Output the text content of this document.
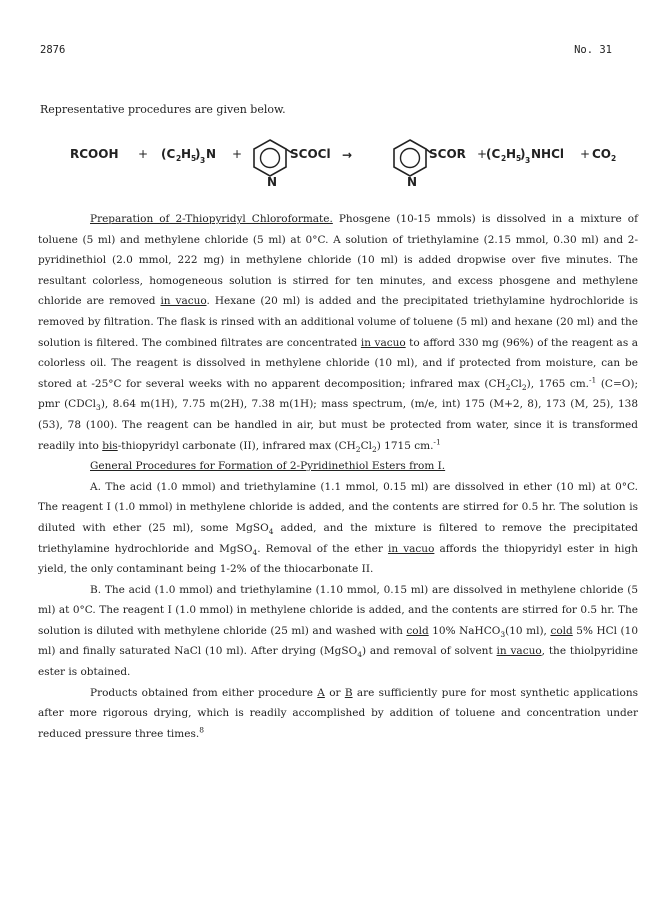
2876	No. 31
Representative procedures are given below.
RCOOH + (C 2 H 5
) 3 N +
N
SCOCl →
N
SCOR +
(C 2 H 5
) 3 NHCl + CO 2

Preparation of 2-Thiopyridyl Chloroformate. Phosgene (10-15 mmols) is dissolved in a mixture of toluene (5 ml) and methylene chloride (5 ml) at 0°C. A solution of triethylamine (2.15 mmol, 0.30 ml) and 2-pyridinethiol (2.0 mmol, 222 mg) in methylene chloride (10 ml) is added dropwise over five minutes. The resultant colorless, homogeneous solution is stirred for ten minutes, and excess phosgene and methylene chloride are removed in vacuo. Hexane (20 ml) is added and the precipitated triethylamine hydrochloride is removed by filtration. The flask is rinsed with an additional volume of toluene (5 ml) and hexane (20 ml) and the solution is filtered. The combined filtrates are concentrated in vacuo to afford 330 mg (96%) of the reagent as a colorless oil. The reagent is dissolved in methylene chloride (10 ml), and if protected from moisture, can be stored at -25°C for several weeks with no apparent decomposition; infrared $\max (CH_2Cl_2)$, 1765 cm.$^{-1}$ (C=O); pmr (CDCl$_3$), 8.64 m(1H), 7.75 m(2H), 7.38 m(1H); mass spectrum, (m/e, int) 175 (M+2, 8), 173 (M, 25), 138 (53), 78 (100). The reagent can be handled in air, but must be protected from water, since it is transformed readily into bis-thiopyridyl carbonate (II), infrared $\max (CH_2Cl_2)$ 1715 cm.$^{-1}$

General Procedures for Formation of 2-Pyridinethiol Esters from I.

A. The acid (1.0 mmol) and triethylamine (1.1 mmol, 0.15 ml) are dissolved in ether (10 ml) at 0°C. The reagent I (1.0 mmol) in methylene chloride is added, and the contents are stirred for 0.5 hr. The solution is diluted with ether (25 ml), some MgSO$_4$ added, and the mixture is filtered to remove the precipitated triethylamine hydrochloride and MgSO$_4$. Removal of the ether in vacuo affords the thiopyridyl ester in high yield, the only contaminant being 1-2% of the thiocarbonate II.

B. The acid (1.0 mmol) and triethylamine (1.10 mmol, 0.15 ml) are dissolved in methylene chloride (5 ml) at 0°C. The reagent I (1.0 mmol) in methylene chloride is added, and the contents are stirred for 0.5 hr. The solution is diluted with methylene chloride (25 ml) and washed with cold 10% NaHCO$_3$(10 ml), cold 5% HCl (10 ml) and finally saturated NaCl (10 ml). After drying (MgSO$_4$) and removal of solvent in vacuo, the thiolpyridine ester is obtained.

Products obtained from either procedure A or B are sufficiently pure for most synthetic applications after more rigorous drying, which is readily accomplished by addition of toluene and concentration under reduced pressure three times.$^8$
